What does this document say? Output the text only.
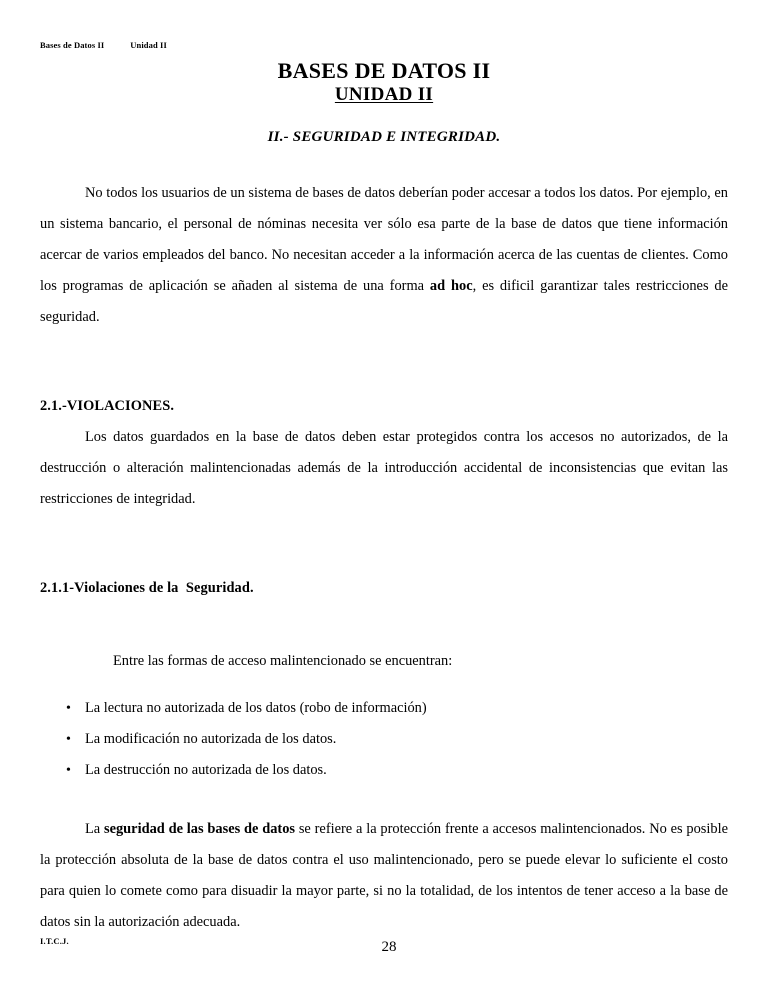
Bases de Datos II	Unidad II
BASES DE DATOS II
UNIDAD II
II.- SEGURIDAD E INTEGRIDAD.

No todos los usuarios de un sistema de bases de datos deberían poder accesar a todos los datos. Por ejemplo, en un sistema bancario, el personal de nóminas necesita ver sólo esa parte de la base de datos que tiene información acercar de varios empleados del banco. No necesitan acceder a la información acerca de las cuentas de clientes. Como los programas de aplicación se añaden al sistema de una forma ad hoc, es dificil garantizar tales restricciones de seguridad.

2.1.-VIOLACIONES.

Los datos guardados en la base de datos deben estar protegidos contra los accesos no autorizados, de la destrucción o alteración malintencionadas además de la introducción accidental de inconsistencias que evitan las restricciones de integridad.

2.1.1-Violaciones de la  Seguridad.

Entre las formas de acceso malintencionado se encuentran:

• La lectura no autorizada de los datos (robo de información)
• La modificación no autorizada de los datos.
• La destrucción no autorizada de los datos.

La seguridad de las bases de datos se refiere a la protección frente a accesos malintencionados. No es posible la protección absoluta de la base de datos contra el uso malintencionado, pero se puede elevar lo suficiente el costo para quien lo comete como para disuadir la mayor parte, si no la totalidad, de los intentos de tener acceso a la base de datos sin la autorización adecuada.

I.T.C.J.	28
